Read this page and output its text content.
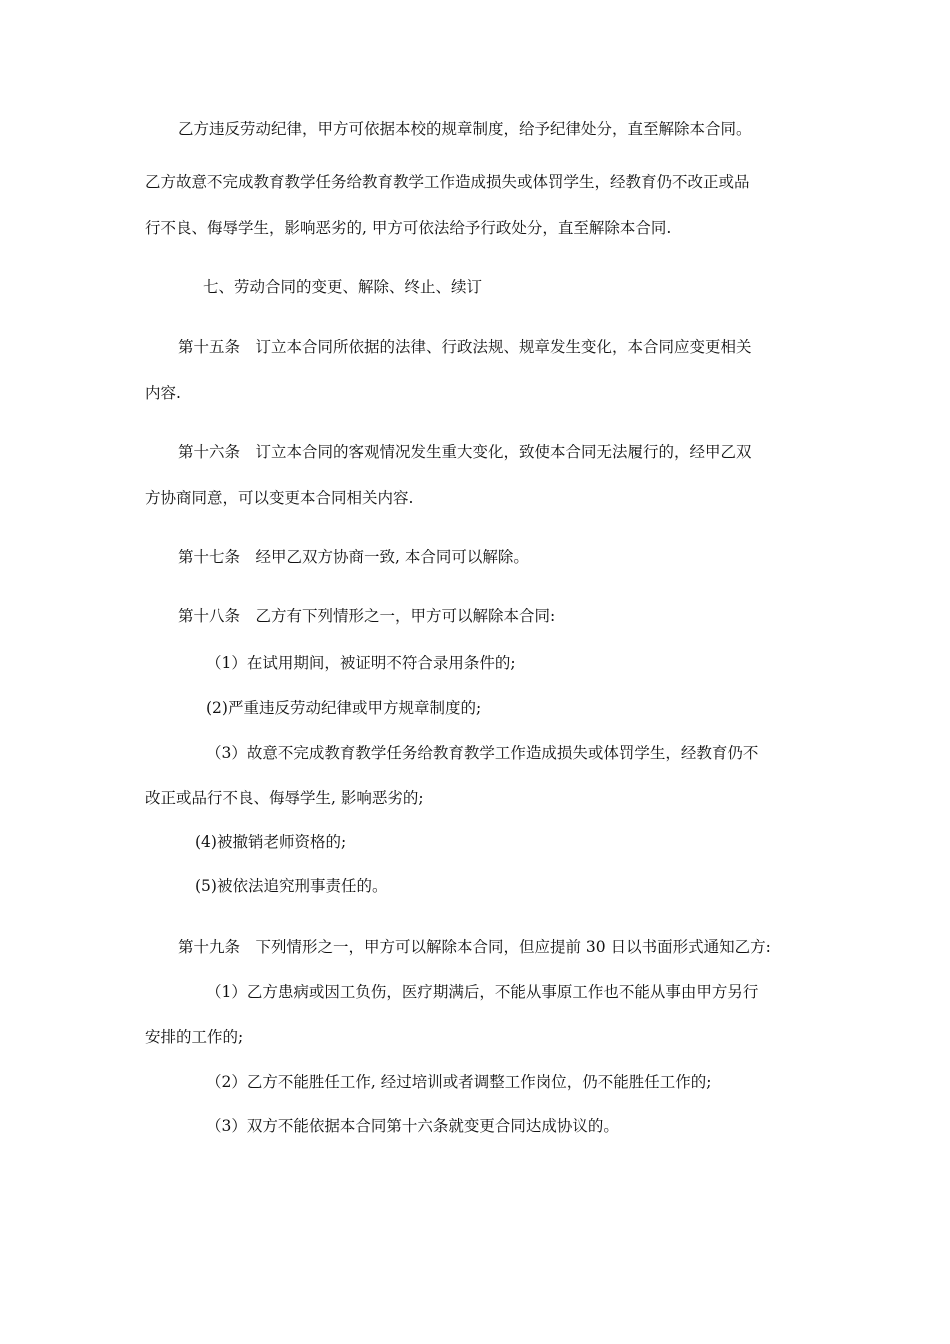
乙方违反劳动纪律，甲方可依据本校的规章制度，给予纪律处分，直至解除本合同。
乙方故意不完成教育教学任务给教育教学工作造成损失或体罚学生，经教育仍不改正或品
行不良、侮辱学生，影响恶劣的, 甲方可依法给予行政处分，直至解除本合同.
七、劳动合同的变更、解除、终止、续订
第十五条　订立本合同所依据的法律、行政法规、规章发生变化，本合同应变更相关
内容.
第十六条　订立本合同的客观情况发生重大变化，致使本合同无法履行的，经甲乙双
方协商同意，可以变更本合同相关内容.
第十七条　经甲乙双方协商一致, 本合同可以解除。
第十八条　乙方有下列情形之一，甲方可以解除本合同:
（1）在试用期间，被证明不符合录用条件的;
(2)严重违反劳动纪律或甲方规章制度的;
（3）故意不完成教育教学任务给教育教学工作造成损失或体罚学生，经教育仍不
改正或品行不良、侮辱学生, 影响恶劣的;
(4)被撤销老师资格的;
(5)被依法追究刑事责任的。
第十九条　下列情形之一，甲方可以解除本合同，但应提前 30 日以书面形式通知乙方:
（1）乙方患病或因工负伤，医疗期满后，不能从事原工作也不能从事由甲方另行
安排的工作的;
（2）乙方不能胜任工作, 经过培训或者调整工作岗位，仍不能胜任工作的;
（3）双方不能依据本合同第十六条就变更合同达成协议的。
